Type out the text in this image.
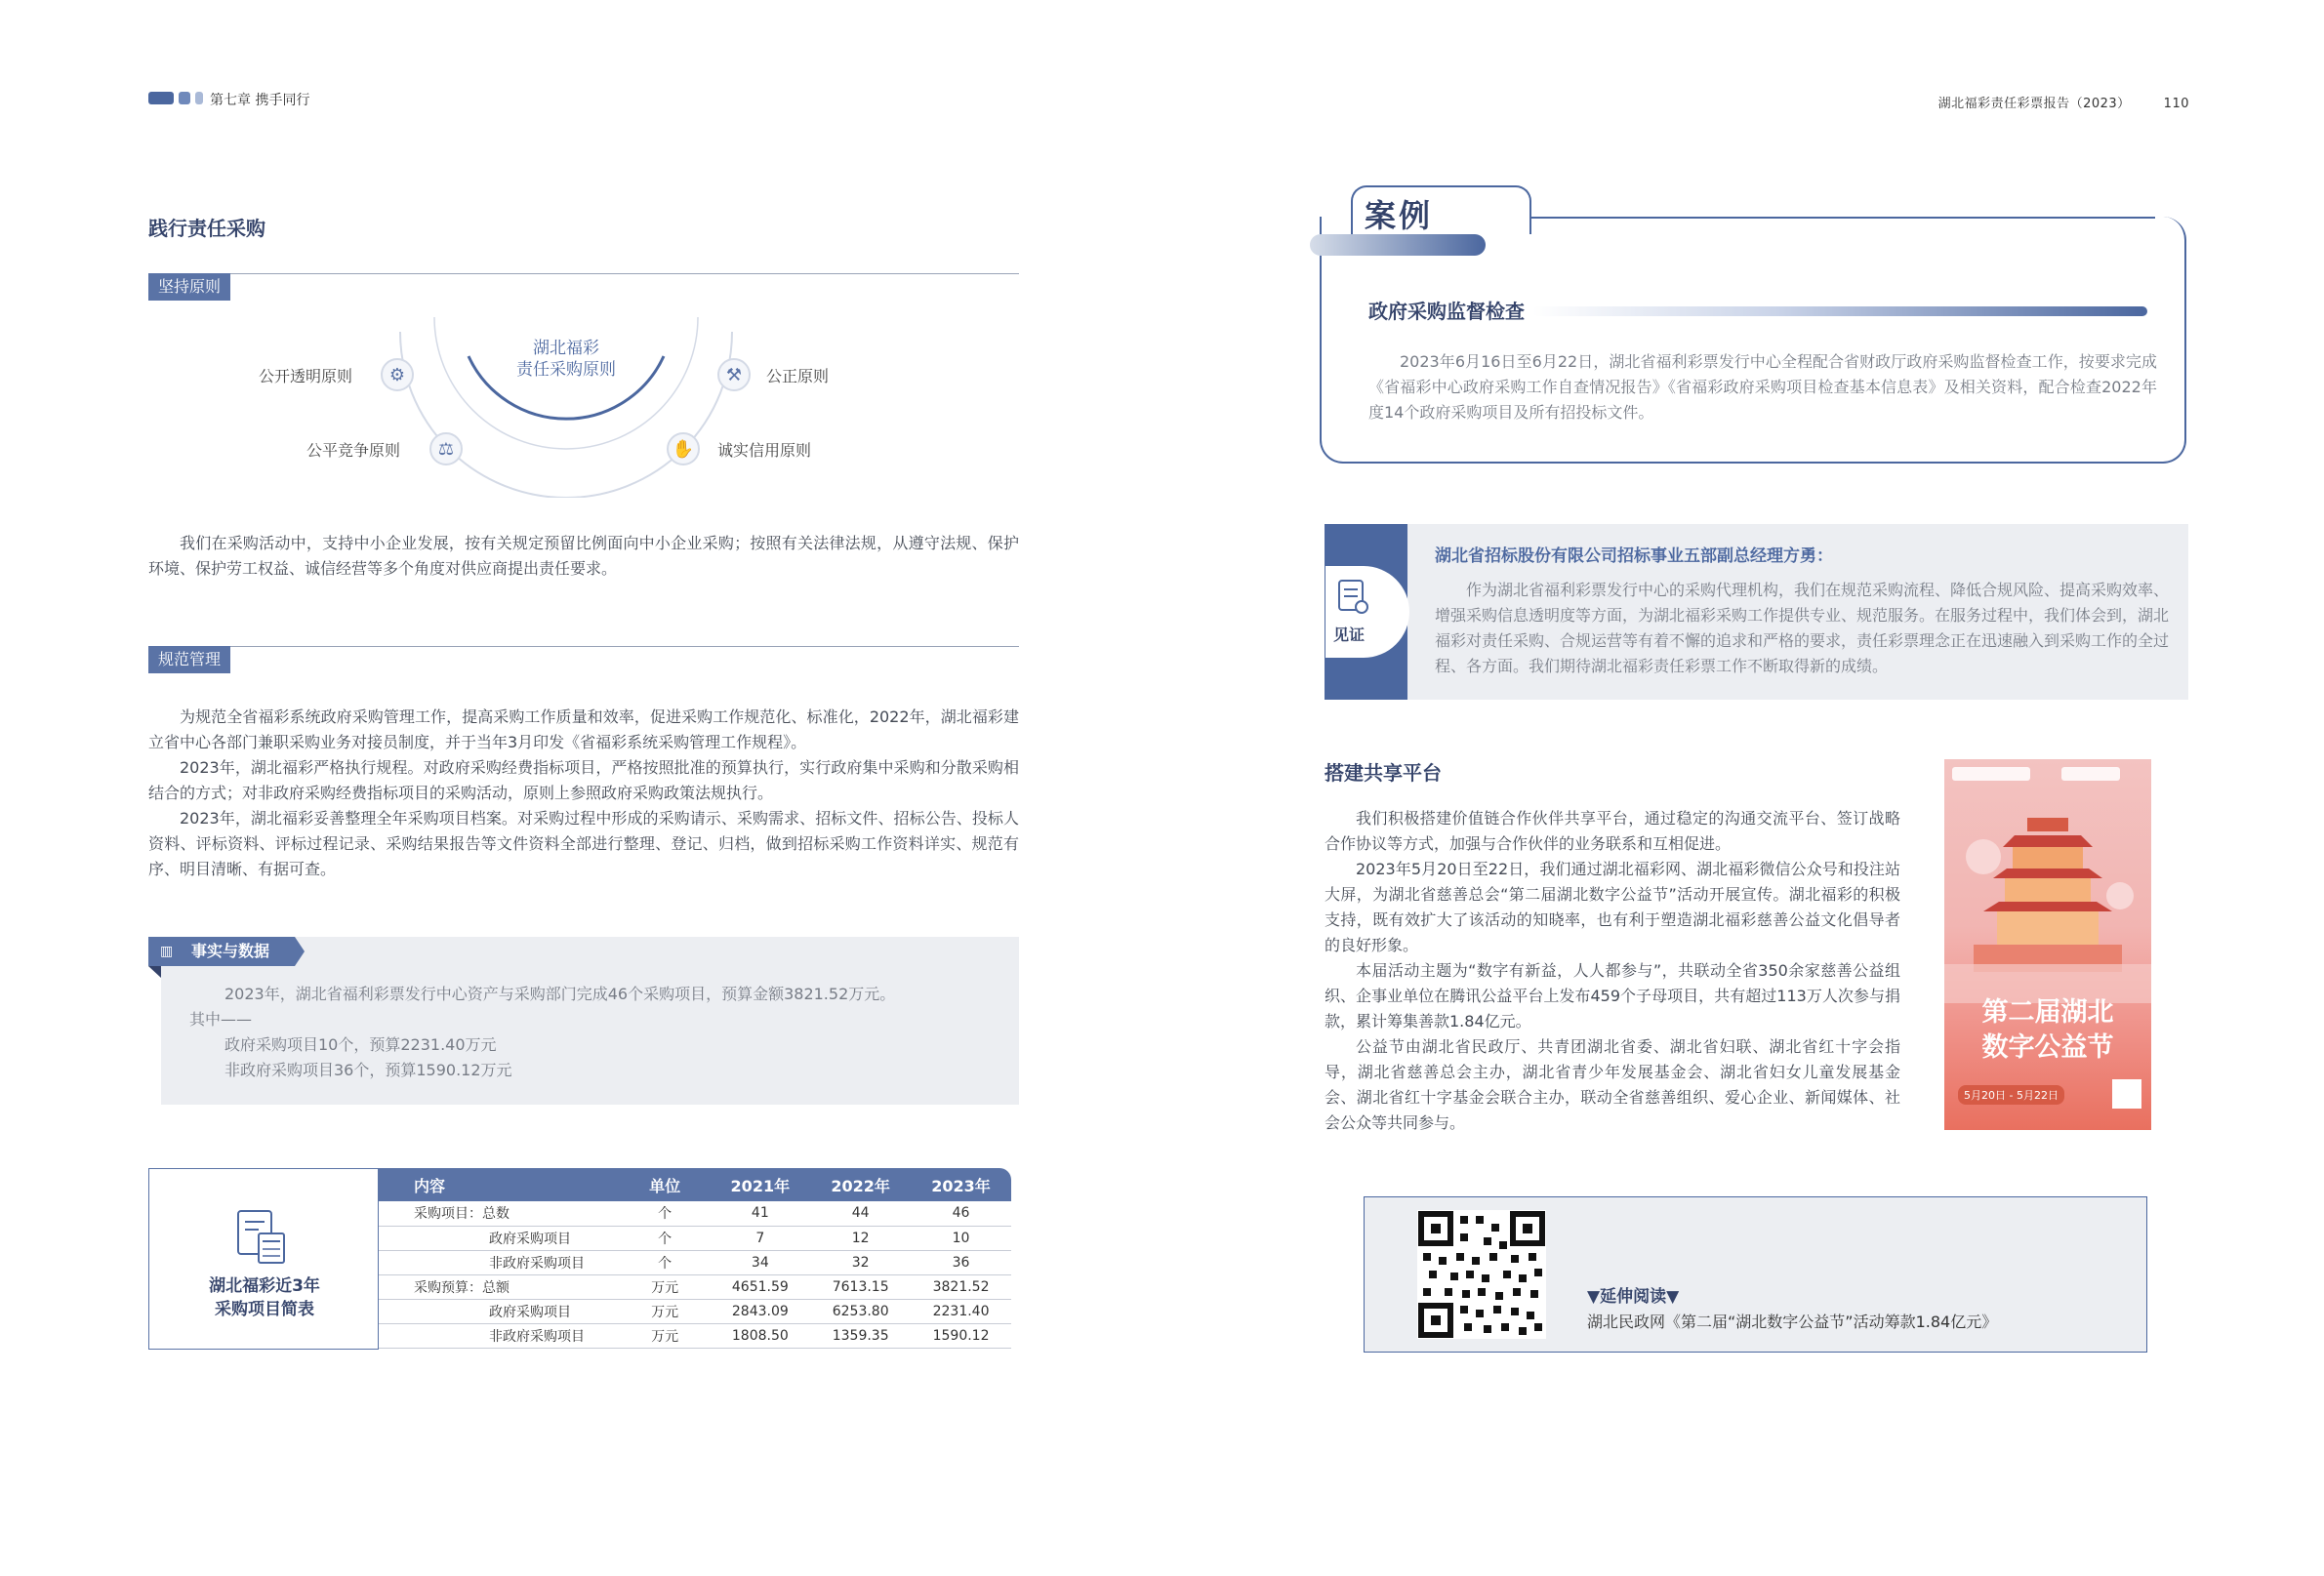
第七章 携手同行	湖北福彩责任彩票报告（2023）	110
践行责任采购
坚持原则
湖北福彩
责任采购原则
公开透明原则	⚙	⚒	公正原则
公平竞争原则	⚖	✋	诚实信用原则

我们在采购活动中，支持中小企业发展，按有关规定预留比例面向中小企业采购；按照有关法律法规，从遵守法规、保护环境、保护劳工权益、诚信经营等多个角度对供应商提出责任要求。

规范管理

为规范全省福彩系统政府采购管理工作，提高采购工作质量和效率，促进采购工作规范化、标准化，2022年，湖北福彩建立省中心各部门兼职采购业务对接员制度，并于当年3月印发《省福彩系统采购管理工作规程》。

2023年，湖北福彩严格执行规程。对政府采购经费指标项目，严格按照批准的预算执行，实行政府集中采购和分散采购相结合的方式；对非政府采购经费指标项目的采购活动，原则上参照政府采购政策法规执行。

2023年，湖北福彩妥善整理全年采购项目档案。对采购过程中形成的采购请示、采购需求、招标文件、招标公告、投标人资料、评标资料、评标过程记录、采购结果报告等文件资料全部进行整理、登记、归档，做到招标采购工作资料详实、规范有序、明目清晰、有据可查。

▥ 事实与数据
2023年，湖北省福利彩票发行中心资产与采购部门完成46个采购项目，预算金额3821.52万元。
其中——
政府采购项目10个，预算2231.40万元
非政府采购项目36个，预算1590.12万元
湖北福彩近3年
采购项目简表
内容	单位	2021年	2022年	2023年
采购项目：总数	个	41	44	46
政府采购项目	个	7	12	10
非政府采购项目	个	34	32	36
采购预算：总额	万元	4651.59	7613.15	3821.52
政府采购项目	万元	2843.09	6253.80	2231.40
非政府采购项目	万元	1808.50	1359.35	1590.12
案例
政府采购监督检查

2023年6月16日至6月22日，湖北省福利彩票发行中心全程配合省财政厅政府采购监督检查工作，按要求完成《省福彩中心政府采购工作自查情况报告》《省福彩政府采购项目检查基本信息表》及相关资料，配合检查2022年度14个政府采购项目及所有招投标文件。

见证
湖北省招标股份有限公司招标事业五部副总经理方勇：

作为湖北省福利彩票发行中心的采购代理机构，我们在规范采购流程、降低合规风险、提高采购效率、增强采购信息透明度等方面，为湖北福彩采购工作提供专业、规范服务。在服务过程中，我们体会到，湖北福彩对责任采购、合规运营等有着不懈的追求和严格的要求，责任彩票理念正在迅速融入到采购工作的全过程、各方面。我们期待湖北福彩责任彩票工作不断取得新的成绩。

搭建共享平台

我们积极搭建价值链合作伙伴共享平台，通过稳定的沟通交流平台、签订战略合作协议等方式，加强与合作伙伴的业务联系和互相促进。

2023年5月20日至22日，我们通过湖北福彩网、湖北福彩微信公众号和投注站大屏，为湖北省慈善总会“第二届湖北数字公益节”活动开展宣传。湖北福彩的积极支持，既有效扩大了该活动的知晓率，也有利于塑造湖北福彩慈善公益文化倡导者的良好形象。

本届活动主题为“数字有新益，人人都参与”，共联动全省350余家慈善公益组织、企事业单位在腾讯公益平台上发布459个子母项目，共有超过113万人次参与捐款，累计筹集善款1.84亿元。

公益节由湖北省民政厅、共青团湖北省委、湖北省妇联、湖北省红十字会指导，湖北省慈善总会主办，湖北省青少年发展基金会、湖北省妇女儿童发展基金会、湖北省红十字基金会联合主办，联动全省慈善组织、爱心企业、新闻媒体、社会公众等共同参与。

第二届湖北
数字公益节
5月20日 - 5月22日
▼延伸阅读▼
湖北民政网《第二届“湖北数字公益节”活动筹款1.84亿元》
